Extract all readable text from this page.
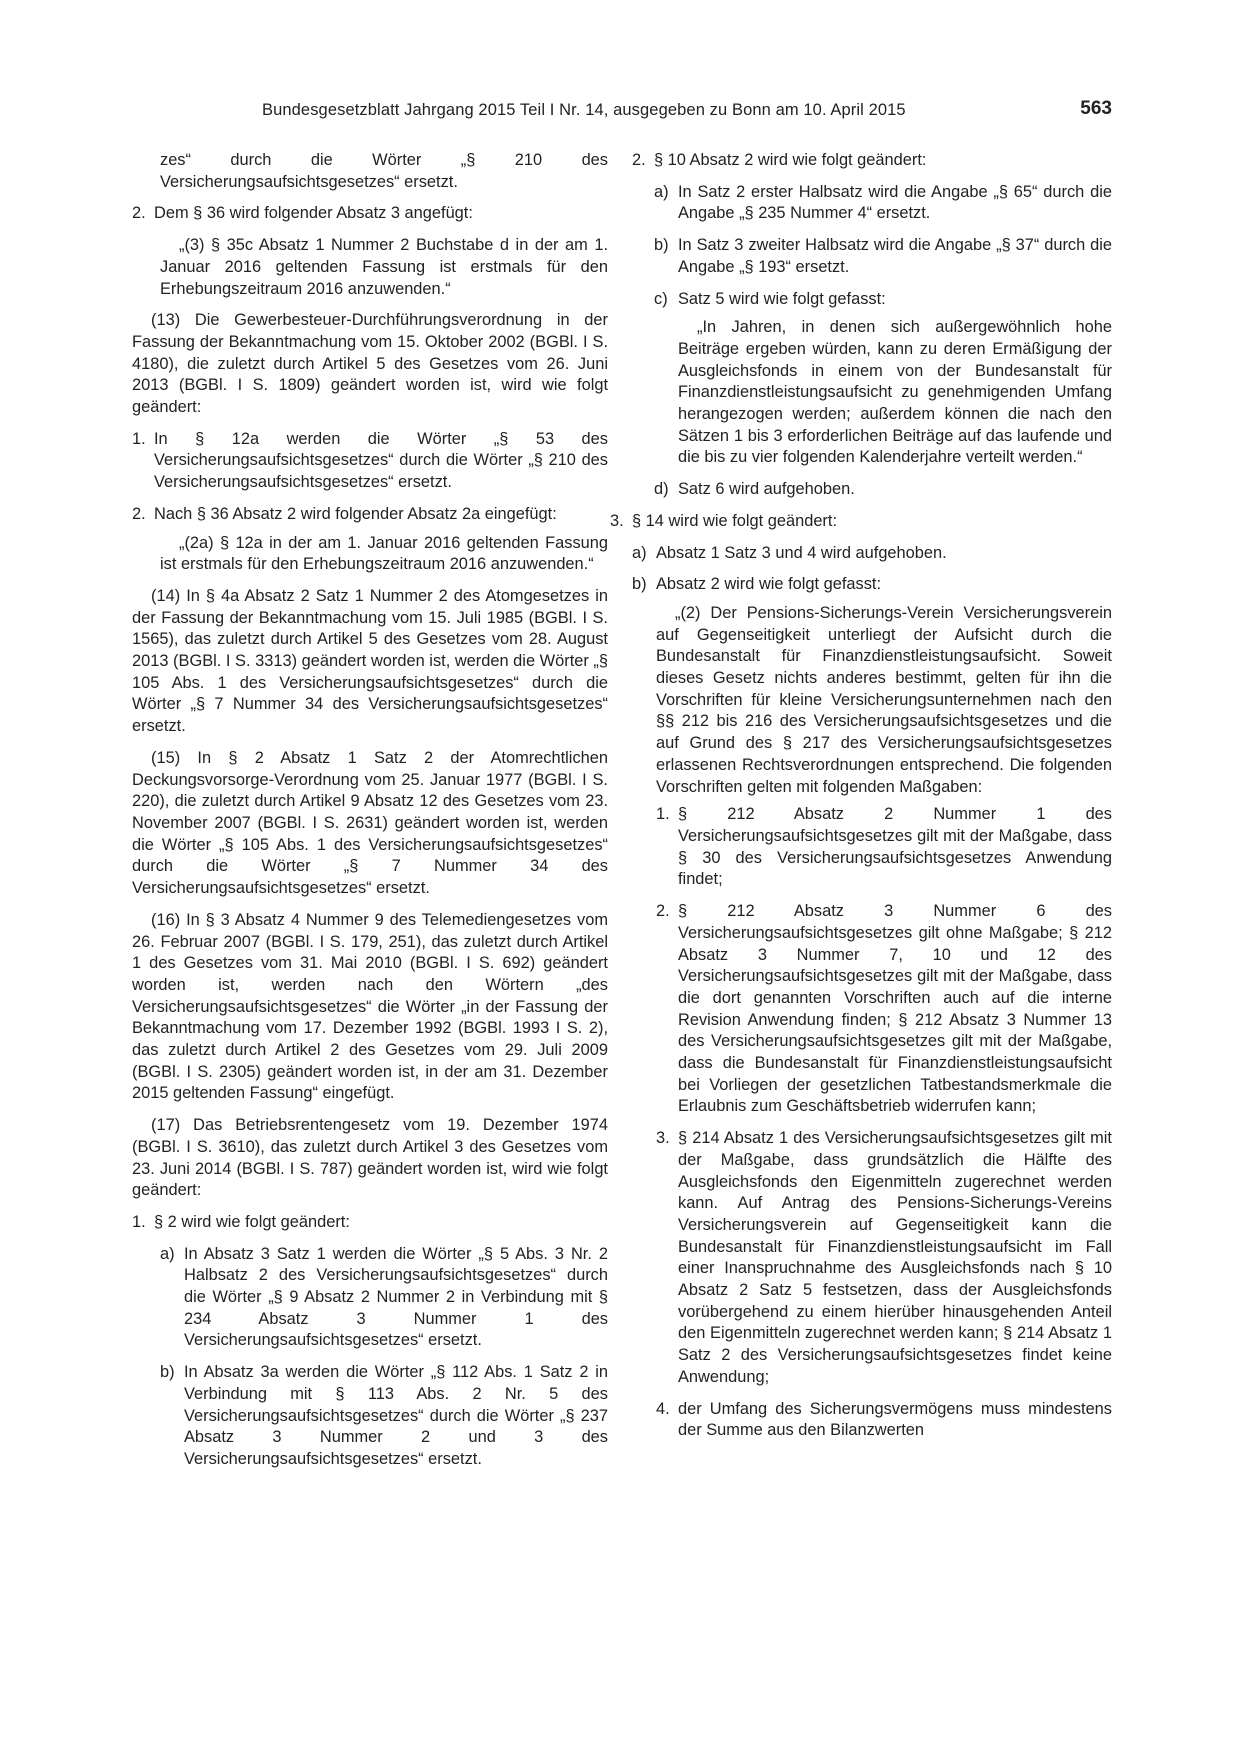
Bundesgesetzblatt Jahrgang 2015 Teil I Nr. 14, ausgegeben zu Bonn am 10. April 2015	563
zes“ durch die Wörter „§ 210 des Versicherungsaufsichtsgesetzes“ ersetzt.
2. Dem § 36 wird folgender Absatz 3 angefügt:
„(3) § 35c Absatz 1 Nummer 2 Buchstabe d in der am 1. Januar 2016 geltenden Fassung ist erstmals für den Erhebungszeitraum 2016 anzuwenden.“
(13) Die Gewerbesteuer-Durchführungsverordnung in der Fassung der Bekanntmachung vom 15. Oktober 2002 (BGBl. I S. 4180), die zuletzt durch Artikel 5 des Gesetzes vom 26. Juni 2013 (BGBl. I S. 1809) geändert worden ist, wird wie folgt geändert:
1. In § 12a werden die Wörter „§ 53 des Versicherungsaufsichtsgesetzes“ durch die Wörter „§ 210 des Versicherungsaufsichtsgesetzes“ ersetzt.
2. Nach § 36 Absatz 2 wird folgender Absatz 2a eingefügt:
„(2a) § 12a in der am 1. Januar 2016 geltenden Fassung ist erstmals für den Erhebungszeitraum 2016 anzuwenden.“
(14) In § 4a Absatz 2 Satz 1 Nummer 2 des Atomgesetzes in der Fassung der Bekanntmachung vom 15. Juli 1985 (BGBl. I S. 1565), das zuletzt durch Artikel 5 des Gesetzes vom 28. August 2013 (BGBl. I S. 3313) geändert worden ist, werden die Wörter „§ 105 Abs. 1 des Versicherungsaufsichtsgesetzes“ durch die Wörter „§ 7 Nummer 34 des Versicherungsaufsichtsgesetzes“ ersetzt.
(15) In § 2 Absatz 1 Satz 2 der Atomrechtlichen Deckungsvorsorge-Verordnung vom 25. Januar 1977 (BGBl. I S. 220), die zuletzt durch Artikel 9 Absatz 12 des Gesetzes vom 23. November 2007 (BGBl. I S. 2631) geändert worden ist, werden die Wörter „§ 105 Abs. 1 des Versicherungsaufsichtsgesetzes“ durch die Wörter „§ 7 Nummer 34 des Versicherungsaufsichtsgesetzes“ ersetzt.
(16) In § 3 Absatz 4 Nummer 9 des Telemediengesetzes vom 26. Februar 2007 (BGBl. I S. 179, 251), das zuletzt durch Artikel 1 des Gesetzes vom 31. Mai 2010 (BGBl. I S. 692) geändert worden ist, werden nach den Wörtern „des Versicherungsaufsichtsgesetzes“ die Wörter „in der Fassung der Bekanntmachung vom 17. Dezember 1992 (BGBl. 1993 I S. 2), das zuletzt durch Artikel 2 des Gesetzes vom 29. Juli 2009 (BGBl. I S. 2305) geändert worden ist, in der am 31. Dezember 2015 geltenden Fassung“ eingefügt.
(17) Das Betriebsrentengesetz vom 19. Dezember 1974 (BGBl. I S. 3610), das zuletzt durch Artikel 3 des Gesetzes vom 23. Juni 2014 (BGBl. I S. 787) geändert worden ist, wird wie folgt geändert:
1. § 2 wird wie folgt geändert:
a) In Absatz 3 Satz 1 werden die Wörter „§ 5 Abs. 3 Nr. 2 Halbsatz 2 des Versicherungsaufsichtsgesetzes“ durch die Wörter „§ 9 Absatz 2 Nummer 2 in Verbindung mit § 234 Absatz 3 Nummer 1 des Versicherungsaufsichtsgesetzes“ ersetzt.
b) In Absatz 3a werden die Wörter „§ 112 Abs. 1 Satz 2 in Verbindung mit § 113 Abs. 2 Nr. 5 des Versicherungsaufsichtsgesetzes“ durch die Wörter „§ 237 Absatz 3 Nummer 2 und 3 des Versicherungsaufsichtsgesetzes“ ersetzt.
2. § 10 Absatz 2 wird wie folgt geändert:
a) In Satz 2 erster Halbsatz wird die Angabe „§ 65“ durch die Angabe „§ 235 Nummer 4“ ersetzt.
b) In Satz 3 zweiter Halbsatz wird die Angabe „§ 37“ durch die Angabe „§ 193“ ersetzt.
c) Satz 5 wird wie folgt gefasst:
„In Jahren, in denen sich außergewöhnlich hohe Beiträge ergeben würden, kann zu deren Ermäßigung der Ausgleichsfonds in einem von der Bundesanstalt für Finanzdienstleistungsaufsicht zu genehmigenden Umfang herangezogen werden; außerdem können die nach den Sätzen 1 bis 3 erforderlichen Beiträge auf das laufende und die bis zu vier folgenden Kalenderjahre verteilt werden.“
d) Satz 6 wird aufgehoben.
3. § 14 wird wie folgt geändert:
a) Absatz 1 Satz 3 und 4 wird aufgehoben.
b) Absatz 2 wird wie folgt gefasst:
„(2) Der Pensions-Sicherungs-Verein Versicherungsverein auf Gegenseitigkeit unterliegt der Aufsicht durch die Bundesanstalt für Finanzdienstleistungsaufsicht. Soweit dieses Gesetz nichts anderes bestimmt, gelten für ihn die Vorschriften für kleine Versicherungsunternehmen nach den §§ 212 bis 216 des Versicherungsaufsichtsgesetzes und die auf Grund des § 217 des Versicherungsaufsichtsgesetzes erlassenen Rechtsverordnungen entsprechend. Die folgenden Vorschriften gelten mit folgenden Maßgaben:
1. § 212 Absatz 2 Nummer 1 des Versicherungsaufsichtsgesetzes gilt mit der Maßgabe, dass § 30 des Versicherungsaufsichtsgesetzes Anwendung findet;
2. § 212 Absatz 3 Nummer 6 des Versicherungsaufsichtsgesetzes gilt ohne Maßgabe; § 212 Absatz 3 Nummer 7, 10 und 12 des Versicherungsaufsichtsgesetzes gilt mit der Maßgabe, dass die dort genannten Vorschriften auch auf die interne Revision Anwendung finden; § 212 Absatz 3 Nummer 13 des Versicherungsaufsichtsgesetzes gilt mit der Maßgabe, dass die Bundesanstalt für Finanzdienstleistungsaufsicht bei Vorliegen der gesetzlichen Tatbestandsmerkmale die Erlaubnis zum Geschäftsbetrieb widerrufen kann;
3. § 214 Absatz 1 des Versicherungsaufsichtsgesetzes gilt mit der Maßgabe, dass grundsätzlich die Hälfte des Ausgleichsfonds den Eigenmitteln zugerechnet werden kann. Auf Antrag des Pensions-Sicherungs-Vereins Versicherungsverein auf Gegenseitigkeit kann die Bundesanstalt für Finanzdienstleistungsaufsicht im Fall einer Inanspruchnahme des Ausgleichsfonds nach § 10 Absatz 2 Satz 5 festsetzen, dass der Ausgleichsfonds vorübergehend zu einem hierüber hinausgehenden Anteil den Eigenmitteln zugerechnet werden kann; § 214 Absatz 1 Satz 2 des Versicherungsaufsichtsgesetzes findet keine Anwendung;
4. der Umfang des Sicherungsvermögens muss mindestens der Summe aus den Bilanzwerten
